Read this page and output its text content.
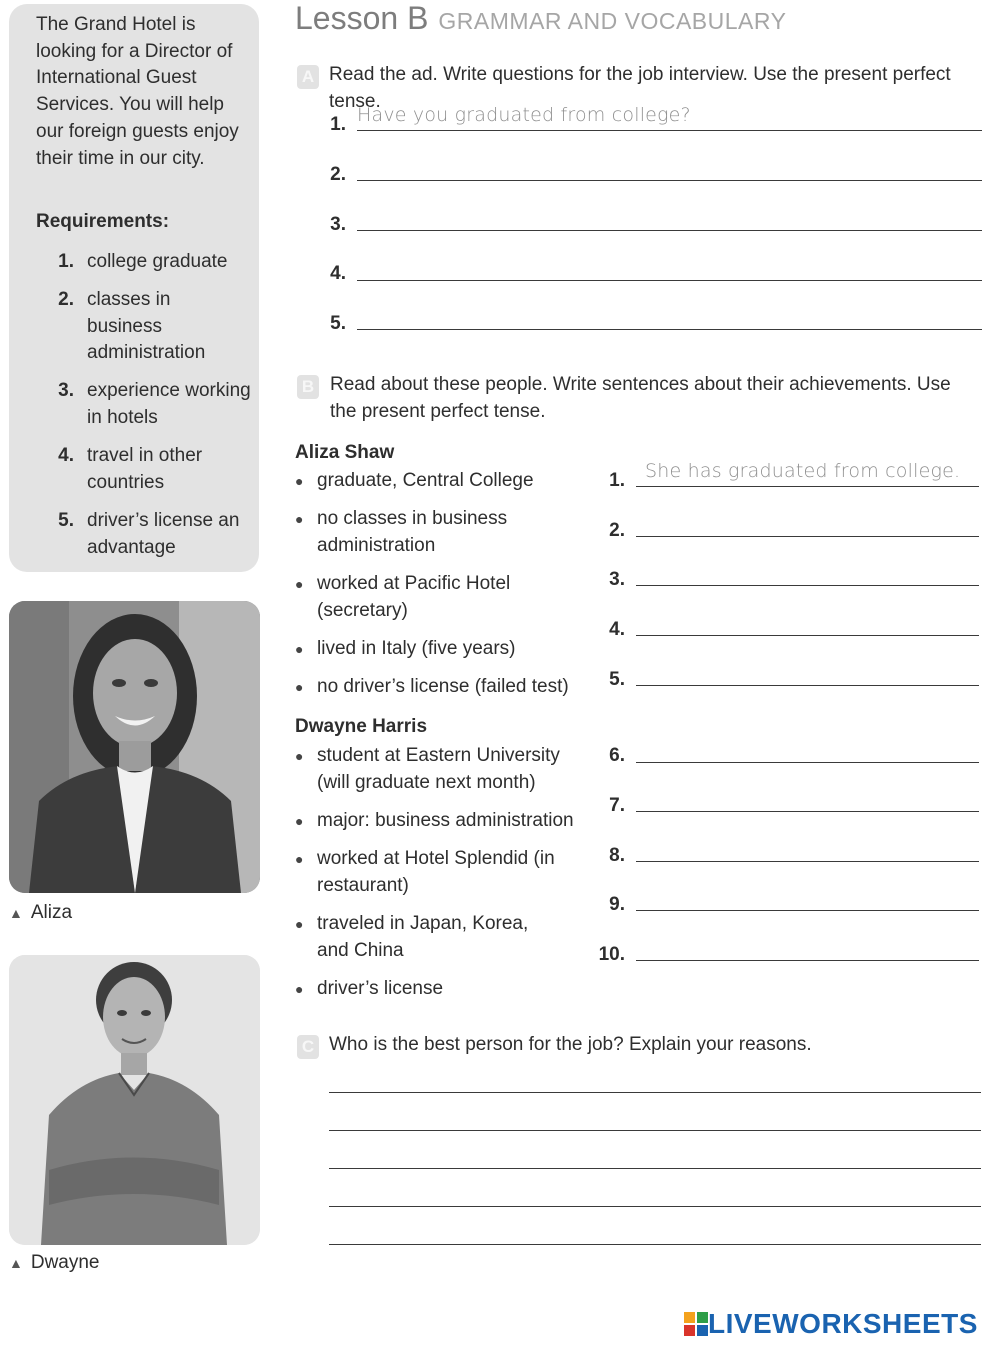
The Grand Hotel is looking for a Director of International Guest Services. You will help our foreign guests enjoy their time in our city.
Requirements:
1. college graduate
2. classes in business administration
3. experience working in hotels
4. travel in other countries
5. driver’s license an advantage
▲ Aliza
▲ Dwayne
Lesson B GRAMMAR AND VOCABULARY
A Read the ad. Write questions for the job interview. Use the present perfect tense.
1. Have you graduated from college?
2.
3.
4.
5.
B Read about these people. Write sentences about their achievements. Use the present perfect tense.
Aliza Shaw
● graduate, Central College
● no classes in business administration
● worked at Pacific Hotel (secretary)
● lived in Italy (five years)
● no driver’s license (failed test)
Dwayne Harris
● student at Eastern University (will graduate next month)
● major: business administration
● worked at Hotel Splendid (in restaurant)
● traveled in Japan, Korea, and China
● driver’s license
1. She has graduated from college.
2.
3.
4.
5.
6.
7.
8.
9.
10.
C Who is the best person for the job? Explain your reasons.
LIVEWORKSHEETS
